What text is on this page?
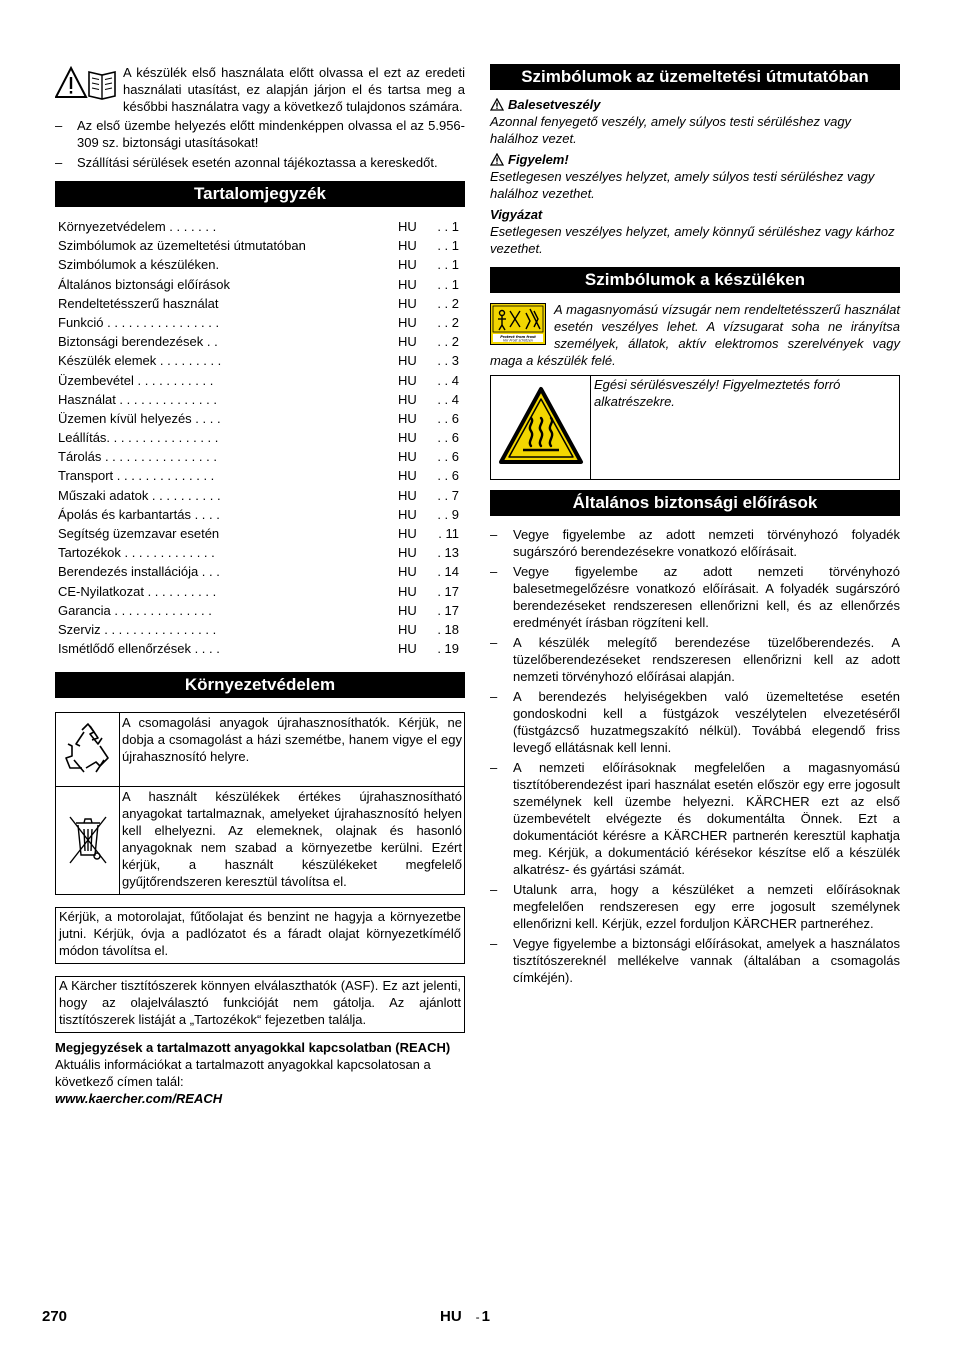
A készülék első használata előtt olvassa el ezt az eredeti használati utasítást, ez alapján járjon el és tartsa meg a későbbi használatra vagy a következő tulajdonos számára.
– Az első üzembe helyezés előtt mindenképpen olvassa el az 5.956-309 sz. biztonsági utasításokat!
– Szállítási sérülések esetén azonnal tájékoztassa a kereskedőt.
Tartalomjegyzék
Környezetvédelem . . . . . . .	HU	. . 1
Szimbólumok az üzemeltetési útmutatóban	HU	. . 1
Szimbólumok a készüléken.	HU	. . 1
Általános biztonsági előírások	HU	. . 1
Rendeltetésszerű használat	HU	. . 2
Funkció . . . . . . . . . . . . . . . .	HU	. . 2
Biztonsági berendezések . .	HU	. . 2
Készülék elemek . . . . . . . . .	HU	. . 3
Üzembevétel . . . . . . . . . . .	HU	. . 4
Használat . . . . . . . . . . . . . .	HU	. . 4
Üzemen kívül helyezés . . . .	HU	. . 6
Leállítás. . . . . . . . . . . . . . . .	HU	. . 6
Tárolás . . . . . . . . . . . . . . . .	HU	. . 6
Transport . . . . . . . . . . . . . .	HU	. . 6
Műszaki adatok . . . . . . . . . .	HU	. . 7
Ápolás és karbantartás . . . .	HU	. . 9
Segítség üzemzavar esetén	HU	. 11
Tartozékok . . . . . . . . . . . . .	HU	. 13
Berendezés installációja . . .	HU	. 14
CE-Nyilatkozat . . . . . . . . . .	HU	. 17
Garancia . . . . . . . . . . . . . .	HU	. 17
Szerviz . . . . . . . . . . . . . . . .	HU	. 18
Ismétlődő ellenőrzések . . . .	HU	. 19
Környezetvédelem
	A csomagolási anyagok újrahasznosíthatók. Kérjük, ne dobja a csomagolást a házi szemétbe, hanem vigye el egy újrahasznosító helyre.
	A használt készülékek értékes újrahasznosítható anyagokat tartalmaznak, amelyeket újrahasznosító helyen kell elhelyezni. Az elemeknek, olajnak és hasonló anyagoknak nem szabad a környezetbe kerülni. Ezért kérjük, a használt készülékeket megfelelő gyűjtőrendszeren keresztül távolítsa el.
Kérjük, a motorolajat, fűtőolajat és benzint ne hagyja a környezetbe jutni. Kérjük, óvja a padlózatot és a fáradt olajat környezetkímélő módon távolítsa el.
A Kärcher tisztítószerek könnyen elválaszthatók (ASF). Ez azt jelenti, hogy az olajelválasztó funkcióját nem gátolja. Az ajánlott tisztítószerek listáját a „Tartozékok“ fejezetben találja.
Megjegyzések a tartalmazott anyagokkal kapcsolatban (REACH)
Aktuális információkat a tartalmazott anyagokkal kapcsolatosan a következő címen talál:
www.kaercher.com/REACH
Szimbólumok az üzemeltetési útmutatóban
Balesetveszély
Azonnal fenyegető veszély, amely súlyos testi sérüléshez vagy halálhoz vezet.
Figyelem!
Esetlegesen veszélyes helyzet, amely súlyos testi sérüléshez vagy halálhoz vezethet.
Vigyázat
Esetlegesen veszélyes helyzet, amely könnyű sérüléshez vagy kárhoz vezethet.
Szimbólumok a készüléken
Protect from frost
Vor Frost schützen
A magasnyomású vízsugár nem rendeltetésszerű használat esetén veszélyes lehet. A vízsugarat soha ne irányítsa személyek, állatok, aktív elektromos szerelvények vagy maga a készülék felé.
	Egési sérülésveszély! Figyelmeztetés forró alkatrészekre.
Általános biztonsági előírások
– Vegye figyelembe az adott nemzeti törvényhozó folyadék sugárszóró berendezésekre vonatkozó előírásait.
– Vegye figyelembe az adott nemzeti törvényhozó balesetmegelőzésre vonatkozó előírásait. A folyadék sugárszóró berendezéseket rendszeresen ellenőrizni kell, és az ellenőrzés eredményét írásban rögzíteni kell.
– A készülék melegítő berendezése tüzelőberendezés. A tüzelőberendezéseket rendszeresen ellenőrizni kell az adott nemzeti törvényhozó előírásai alapján.
– A berendezés helyiségekben való üzemeltetése esetén gondoskodni kell a füstgázok veszélytelen elvezetéséről (füstgázcső huzatmegszakító nélkül). Továbbá elegendő friss levegő ellátásnak kell lenni.
– A nemzeti előírásoknak megfelelően a magasnyomású tisztítóberendezést ipari használat esetén először egy erre jogosult személynek kell üzembe helyezni. KÄRCHER ezt az első üzembevételt elvégezte és dokumentálta Önnek. Ezt a dokumentációt kérésre a KÄRCHER partnerén keresztül kaphatja meg. Kérjük, a dokumentáció kérésekor készítse elő a készülék alkatrész- és gyártási számát.
– Utalunk arra, hogy a készüléket a nemzeti előírásoknak megfelelően rendszeresen egy erre jogosult személynek ellenőrizni kell. Kérjük, ezzel forduljon KÄRCHER partneréhez.
– Vegye figyelembe a biztonsági előírásokat, amelyek a használatos tisztítószereknél mellékelve vannak (általában a csomagolás címkéjén).
270	HU - 1
